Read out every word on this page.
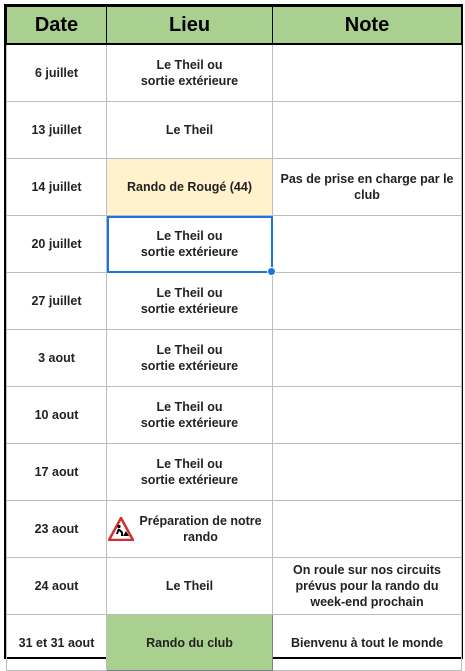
Date	Lieu	Note
6 juillet	Le Theil ou
sortie extérieure	
13 juillet	Le Theil	
14 juillet	Rando de Rougé (44)	Pas de prise en charge par le club
20 juillet	Le Theil ou
sortie extérieure

27 juillet	Le Theil ou
sortie extérieure	
3 aout	Le Theil ou
sortie extérieure	
10 aout	Le Theil ou
sortie extérieure	
17 aout	Le Theil ou
sortie extérieure	
23 aout	Préparation de notre
rando	

24 aout	Le Theil	On roule sur nos circuits prévus pour la rando du week-end prochain
31 et 31 aout	Rando du club	Bienvenu à tout le monde
